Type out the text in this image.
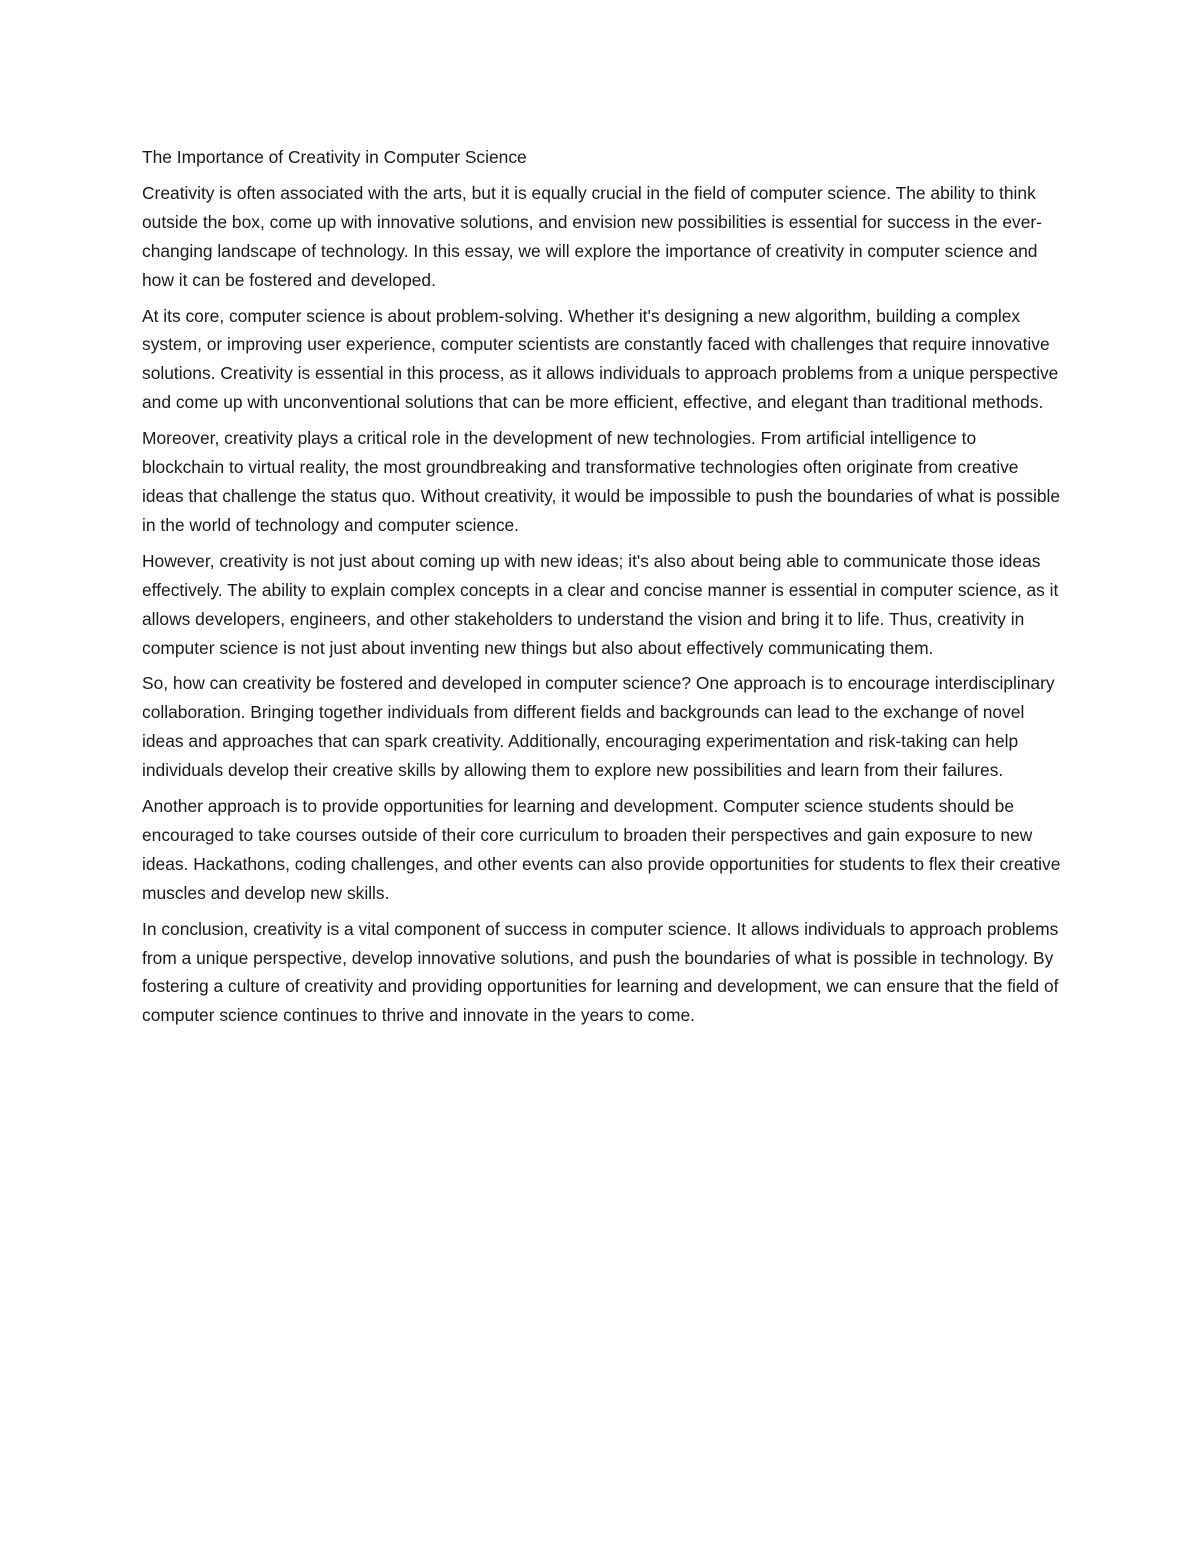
The Importance of Creativity in Computer Science

Creativity is often associated with the arts, but it is equally crucial in the field of computer science. The ability to think outside the box, come up with innovative solutions, and envision new possibilities is essential for success in the ever-changing landscape of technology. In this essay, we will explore the importance of creativity in computer science and how it can be fostered and developed.

At its core, computer science is about problem-solving. Whether it's designing a new algorithm, building a complex system, or improving user experience, computer scientists are constantly faced with challenges that require innovative solutions. Creativity is essential in this process, as it allows individuals to approach problems from a unique perspective and come up with unconventional solutions that can be more efficient, effective, and elegant than traditional methods.

Moreover, creativity plays a critical role in the development of new technologies. From artificial intelligence to blockchain to virtual reality, the most groundbreaking and transformative technologies often originate from creative ideas that challenge the status quo. Without creativity, it would be impossible to push the boundaries of what is possible in the world of technology and computer science.

However, creativity is not just about coming up with new ideas; it's also about being able to communicate those ideas effectively. The ability to explain complex concepts in a clear and concise manner is essential in computer science, as it allows developers, engineers, and other stakeholders to understand the vision and bring it to life. Thus, creativity in computer science is not just about inventing new things but also about effectively communicating them.

So, how can creativity be fostered and developed in computer science? One approach is to encourage interdisciplinary collaboration. Bringing together individuals from different fields and backgrounds can lead to the exchange of novel ideas and approaches that can spark creativity. Additionally, encouraging experimentation and risk-taking can help individuals develop their creative skills by allowing them to explore new possibilities and learn from their failures.

Another approach is to provide opportunities for learning and development. Computer science students should be encouraged to take courses outside of their core curriculum to broaden their perspectives and gain exposure to new ideas. Hackathons, coding challenges, and other events can also provide opportunities for students to flex their creative muscles and develop new skills.

In conclusion, creativity is a vital component of success in computer science. It allows individuals to approach problems from a unique perspective, develop innovative solutions, and push the boundaries of what is possible in technology. By fostering a culture of creativity and providing opportunities for learning and development, we can ensure that the field of computer science continues to thrive and innovate in the years to come.
